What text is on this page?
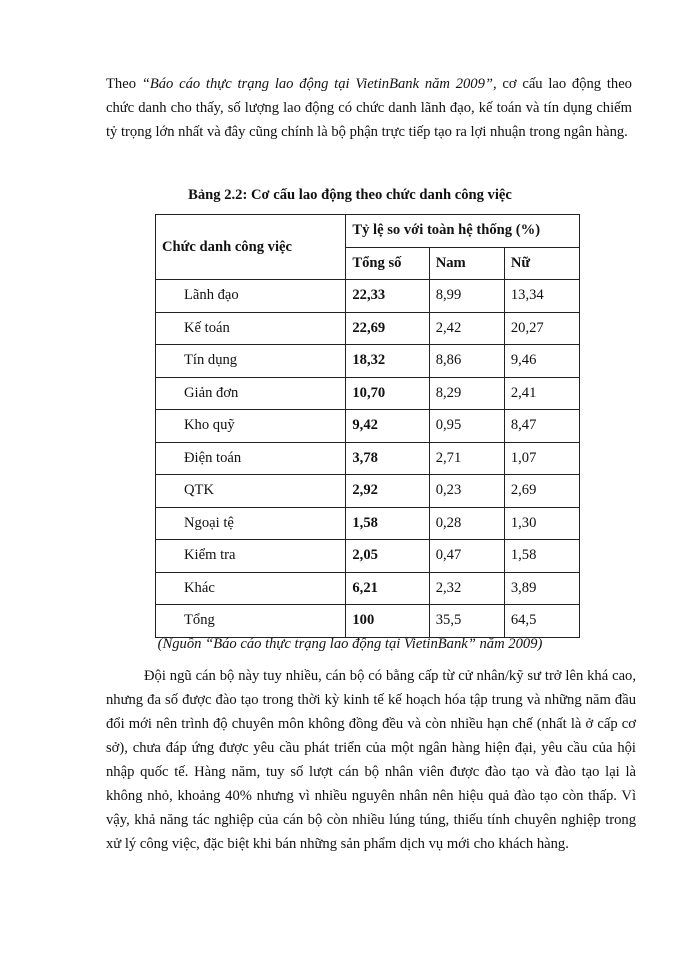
Theo “Báo cáo thực trạng lao động tại VietinBank năm 2009”, cơ cấu lao động theo chức danh cho thấy, số lượng lao động có chức danh lãnh đạo, kế toán và tín dụng chiếm tỷ trọng lớn nhất và đây cũng chính là bộ phận trực tiếp tạo ra lợi nhuận trong ngân hàng.
Bảng 2.2: Cơ cấu lao động theo chức danh công việc
Chức danh công việc	Tỷ lệ so với toàn hệ thống (%)		
	Tổng số	Nam	Nữ
Lãnh đạo	22,33	8,99	13,34
Kế toán	22,69	2,42	20,27
Tín dụng	18,32	8,86	9,46
Giản đơn	10,70	8,29	2,41
Kho quỹ	9,42	0,95	8,47
Điện toán	3,78	2,71	1,07
QTK	2,92	0,23	2,69
Ngoại tệ	1,58	0,28	1,30
Kiểm tra	2,05	0,47	1,58
Khác	6,21	2,32	3,89
Tổng	100	35,5	64,5
(Nguồn “Báo cáo thực trạng lao động tại VietinBank” năm 2009)
Đội ngũ cán bộ này tuy nhiều, cán bộ có bằng cấp từ cử nhân/kỹ sư trở lên khá cao, nhưng đa số được đào tạo trong thời kỳ kinh tế kế hoạch hóa tập trung và những năm đầu đổi mới nên trình độ chuyên môn không đồng đều và còn nhiều hạn chế (nhất là ở cấp cơ sở), chưa đáp ứng được yêu cầu phát triển của một ngân hàng hiện đại, yêu cầu của hội nhập quốc tế. Hàng năm, tuy số lượt cán bộ nhân viên được đào tạo và đào tạo lại là không nhỏ, khoảng 40% nhưng vì nhiều nguyên nhân nên hiệu quả đào tạo còn thấp. Vì vậy, khả năng tác nghiệp của cán bộ còn nhiều lúng túng, thiếu tính chuyên nghiệp trong xử lý công việc, đặc biệt khi bán những sản phẩm dịch vụ mới cho khách hàng.
